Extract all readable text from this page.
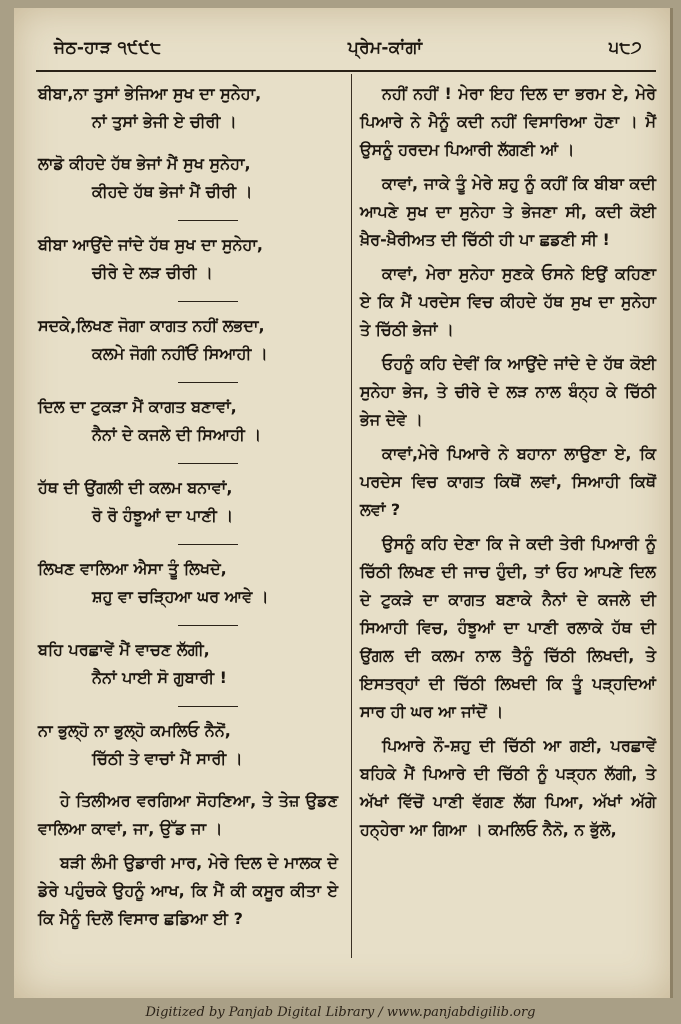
ਜੇਠ-ਹਾੜ ੧੯੯੮	ਪ੍ਰੇਮ-ਕਾਂਗਾਂ	੫੮੭
ਬੀਬਾ,ਨਾ ਤੁਸਾਂ ਭੇਜਿਆ ਸੁਖ ਦਾ ਸੁਨੇਹਾ,
ਨਾਂ ਤੁਸਾਂ ਭੇਜੀ ਏ ਚੀਰੀ ।
ਲਾਡੋ ਕੀਹਦੇ ਹੱਥ ਭੇਜਾਂ ਮੈਂ ਸੁਖ ਸੁਨੇਹਾ,
ਕੀਹਦੇ ਹੱਥ ਭੇਜਾਂ ਮੈਂ ਚੀਰੀ ।
ਬੀਬਾ ਆਉਂਦੇ ਜਾਂਦੇ ਹੱਥ ਸੁਖ ਦਾ ਸੁਨੇਹਾ,
ਚੀਰੇ ਦੇ ਲੜ ਚੀਰੀ ।
ਸਦਕੇ,ਲਿਖਣ ਜੋਗਾ ਕਾਗਤ ਨਹੀਂ ਲਭਦਾ,
ਕਲਮੇ ਜੋਗੀ ਨਹੀਂਓਂ ਸਿਆਹੀ ।
ਦਿਲ ਦਾ ਟੁਕੜਾ ਮੈਂ ਕਾਗਤ ਬਣਾਵਾਂ,
ਨੈਨਾਂ ਦੇ ਕਜਲੇ ਦੀ ਸਿਆਹੀ ।
ਹੱਥ ਦੀ ਉਂਗਲੀ ਦੀ ਕਲਮ ਬਨਾਵਾਂ,
ਰੋ ਰੋ ਹੰਝੂਆਂ ਦਾ ਪਾਣੀ ।
ਲਿਖਣ ਵਾਲਿਆ ਐਸਾ ਤੂੰ ਲਿਖਦੇ,
ਸ਼ਹੁ ਵਾ ਚੜ੍ਹਿਆ ਘਰ ਆਵੇ ।
ਬਹਿ ਪਰਛਾਵੇਂ ਮੈਂ ਵਾਚਣ ਲੱਗੀ,
ਨੈਨਾਂ ਪਾਈ ਸੋ ਗੁਬਾਰੀ !
ਨਾ ਭੁਲ੍ਹੋ ਨਾ ਭੁਲ੍ਹੋ ਕਮਲਿਓ ਨੈਨੋਂ,
ਚਿੱਠੀ ਤੇ ਵਾਚਾਂ ਮੈਂ ਸਾਰੀ ।

ਹੇ ਤਿਲੀਅਰ ਵਰਗਿਆ ਸੋਹਣਿਆ, ਤੇ ਤੇਜ਼ ਉਡਣ ਵਾਲਿਆ ਕਾਵਾਂ, ਜਾ, ਉੱਡ ਜਾ ।

ਬੜੀ ਲੰਮੀ ਉਡਾਰੀ ਮਾਰ, ਮੇਰੇ ਦਿਲ ਦੇ ਮਾਲਕ ਦੇ ਡੇਰੇ ਪਹੁੰਚਕੇ ਉਹਨੂੰ ਆਖ, ਕਿ ਮੈਂ ਕੀ ਕਸੂਰ ਕੀਤਾ ਏ ਕਿ ਮੈਨੂੰ ਦਿਲੋਂ ਵਿਸਾਰ ਛਡਿਆ ਈ ?

ਨਹੀਂ ਨਹੀਂ ! ਮੇਰਾ ਇਹ ਦਿਲ ਦਾ ਭਰਮ ਏ, ਮੇਰੇ ਪਿਆਰੇ ਨੇ ਮੈਨੂੰ ਕਦੀ ਨਹੀਂ ਵਿਸਾਰਿਆ ਹੋਣਾ । ਮੈਂ ਉਸਨੂੰ ਹਰਦਮ ਪਿਆਰੀ ਲੱਗਣੀ ਆਂ ।

ਕਾਵਾਂ, ਜਾਕੇ ਤੂੰ ਮੇਰੇ ਸ਼ਹੁ ਨੂੰ ਕਹੀਂ ਕਿ ਬੀਬਾ ਕਦੀ ਆਪਣੇ ਸੁਖ ਦਾ ਸੁਨੇਹਾ ਤੇ ਭੇਜਣਾ ਸੀ, ਕਦੀ ਕੋਈ ਖ਼ੈਰ-ਖ਼ੈਰੀਅਤ ਦੀ ਚਿੱਠੀ ਹੀ ਪਾ ਛਡਣੀ ਸੀ !

ਕਾਵਾਂ, ਮੇਰਾ ਸੁਨੇਹਾ ਸੁਣਕੇ ਓਸਨੇ ਇਉਂ ਕਹਿਣਾ ਏ ਕਿ ਮੈਂ ਪਰਦੇਸ ਵਿਚ ਕੀਹਦੇ ਹੱਥ ਸੁਖ ਦਾ ਸੁਨੇਹਾ ਤੇ ਚਿੱਠੀ ਭੇਜਾਂ ।

ਓਹਨੂੰ ਕਹਿ ਦੇਵੀਂ ਕਿ ਆਉਂਦੇ ਜਾਂਦੇ ਦੇ ਹੱਥ ਕੋਈ ਸੁਨੇਹਾ ਭੇਜ, ਤੇ ਚੀਰੇ ਦੇ ਲੜ ਨਾਲ ਬੰਨ੍ਹ ਕੇ ਚਿੱਠੀ ਭੇਜ ਦੇਵੇ ।

ਕਾਵਾਂ,ਮੇਰੇ ਪਿਆਰੇ ਨੇ ਬਹਾਨਾ ਲਾਉਣਾ ਏ, ਕਿ ਪਰਦੇਸ ਵਿਚ ਕਾਗਤ ਕਿਥੋਂ ਲਵਾਂ, ਸਿਆਹੀ ਕਿਥੋਂ ਲਵਾਂ ?

ਉਸਨੂੰ ਕਹਿ ਦੇਣਾ ਕਿ ਜੇ ਕਦੀ ਤੇਰੀ ਪਿਆਰੀ ਨੂੰ ਚਿੱਠੀ ਲਿਖਣ ਦੀ ਜਾਚ ਹੁੰਦੀ, ਤਾਂ ਓਹ ਆਪਣੇ ਦਿਲ ਦੇ ਟੁਕੜੇ ਦਾ ਕਾਗਤ ਬਣਾਕੇ ਨੈਨਾਂ ਦੇ ਕਜਲੇ ਦੀ ਸਿਆਹੀ ਵਿਚ, ਹੰਝੂਆਂ ਦਾ ਪਾਣੀ ਰਲਾਕੇ ਹੱਥ ਦੀ ਉਂਗਲ ਦੀ ਕਲਮ ਨਾਲ ਤੈਨੂੰ ਚਿੱਠੀ ਲਿਖਦੀ, ਤੇ ਇਸਤਰ੍ਹਾਂ ਦੀ ਚਿੱਠੀ ਲਿਖਦੀ ਕਿ ਤੂੰ ਪੜ੍ਹਦਿਆਂ ਸਾਰ ਹੀ ਘਰ ਆ ਜਾਂਦੋਂ ।

ਪਿਆਰੇ ਨੌ-ਸ਼ਹੁ ਦੀ ਚਿੱਠੀ ਆ ਗਈ, ਪਰਛਾਵੇਂ ਬਹਿਕੇ ਮੈਂ ਪਿਆਰੇ ਦੀ ਚਿੱਠੀ ਨੂੰ ਪੜ੍ਹਨ ਲੱਗੀ, ਤੇ ਅੱਖਾਂ ਵਿੱਚੋਂ ਪਾਣੀ ਵੱਗਣ ਲੱਗ ਪਿਆ, ਅੱਖਾਂ ਅੱਗੇ ਹਨ੍ਹੇਰਾ ਆ ਗਿਆ । ਕਮਲਿਓ ਨੈਨੋ, ਨ ਭੁੱਲੋ,

Digitized by Panjab Digital Library / www.panjabdigilib.org
